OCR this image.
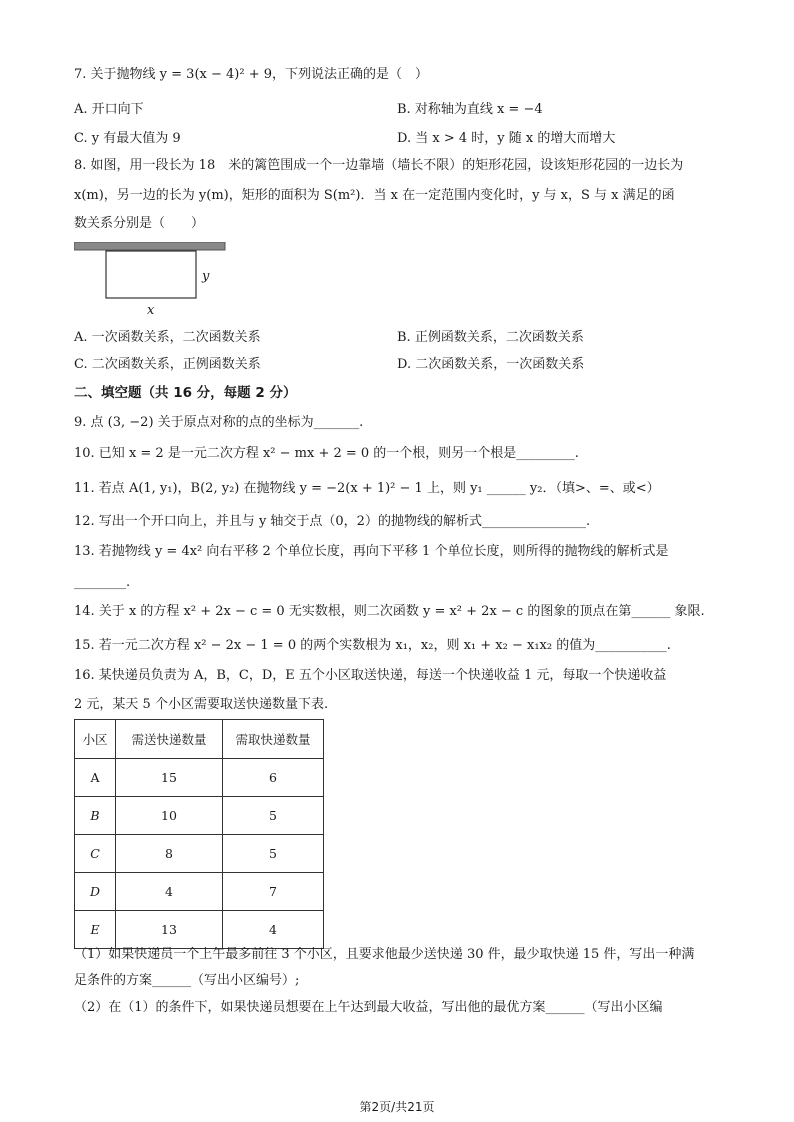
7. 关于抛物线 y = 3(x − 4)² + 9，下列说法正确的是（　）
A. 开口向下	B. 对称轴为直线 x = −4
C. y 有最大值为 9	D. 当 x > 4 时，y 随 x 的增大而增大
8. 如图，用一段长为 18　米的篱笆围成一个一边靠墙（墙长不限）的矩形花园，设该矩形花园的一边长为
x(m)，另一边的长为 y(m)，矩形的面积为 S(m²)．当 x 在一定范围内变化时，y 与 x，S 与 x 满足的函
数关系分别是（　　）
y
x
A. 一次函数关系，二次函数关系	B. 正例函数关系，二次函数关系
C. 二次函数关系，正例函数关系	D. 二次函数关系，一次函数关系
二、填空题（共 16 分，每题 2 分）
9. 点 (3, −2) 关于原点对称的点的坐标为_______.
10. 已知 x = 2 是一元二次方程 x² − mx + 2 = 0 的一个根，则另一个根是_________.
11. 若点 A(1, y₁)，B(2, y₂) 在抛物线 y = −2(x + 1)² − 1 上，则 y₁ ______ y₂．（填>、=、或<）
12. 写出一个开口向上，并且与 y 轴交于点（0，2）的抛物线的解析式________________.
13. 若抛物线 y = 4x² 向右平移 2 个单位长度，再向下平移 1 个单位长度，则所得的抛物线的解析式是
________.
14. 关于 x 的方程 x² + 2x − c = 0 无实数根，则二次函数 y = x² + 2x − c 的图象的顶点在第______ 象限.
15. 若一元二次方程 x² − 2x − 1 = 0 的两个实数根为 x₁，x₂，则 x₁ + x₂ − x₁x₂ 的值为___________.
16. 某快递员负责为 A，B，C，D，E 五个小区取送快递，每送一个快递收益 1 元，每取一个快递收益
2 元，某天 5 个小区需要取送快递数量下表.
小区	需送快递数量	需取快递数量
A	15	6
B	10	5
C	8	5
D	4	7
E	13	4
（1）如果快递员一个上午最多前往 3 个小区，且要求他最少送快递 30 件，最少取快递 15 件，写出一种满
足条件的方案______（写出小区编号）;
（2）在（1）的条件下，如果快递员想要在上午达到最大收益，写出他的最优方案______（写出小区编
第2页/共21页
